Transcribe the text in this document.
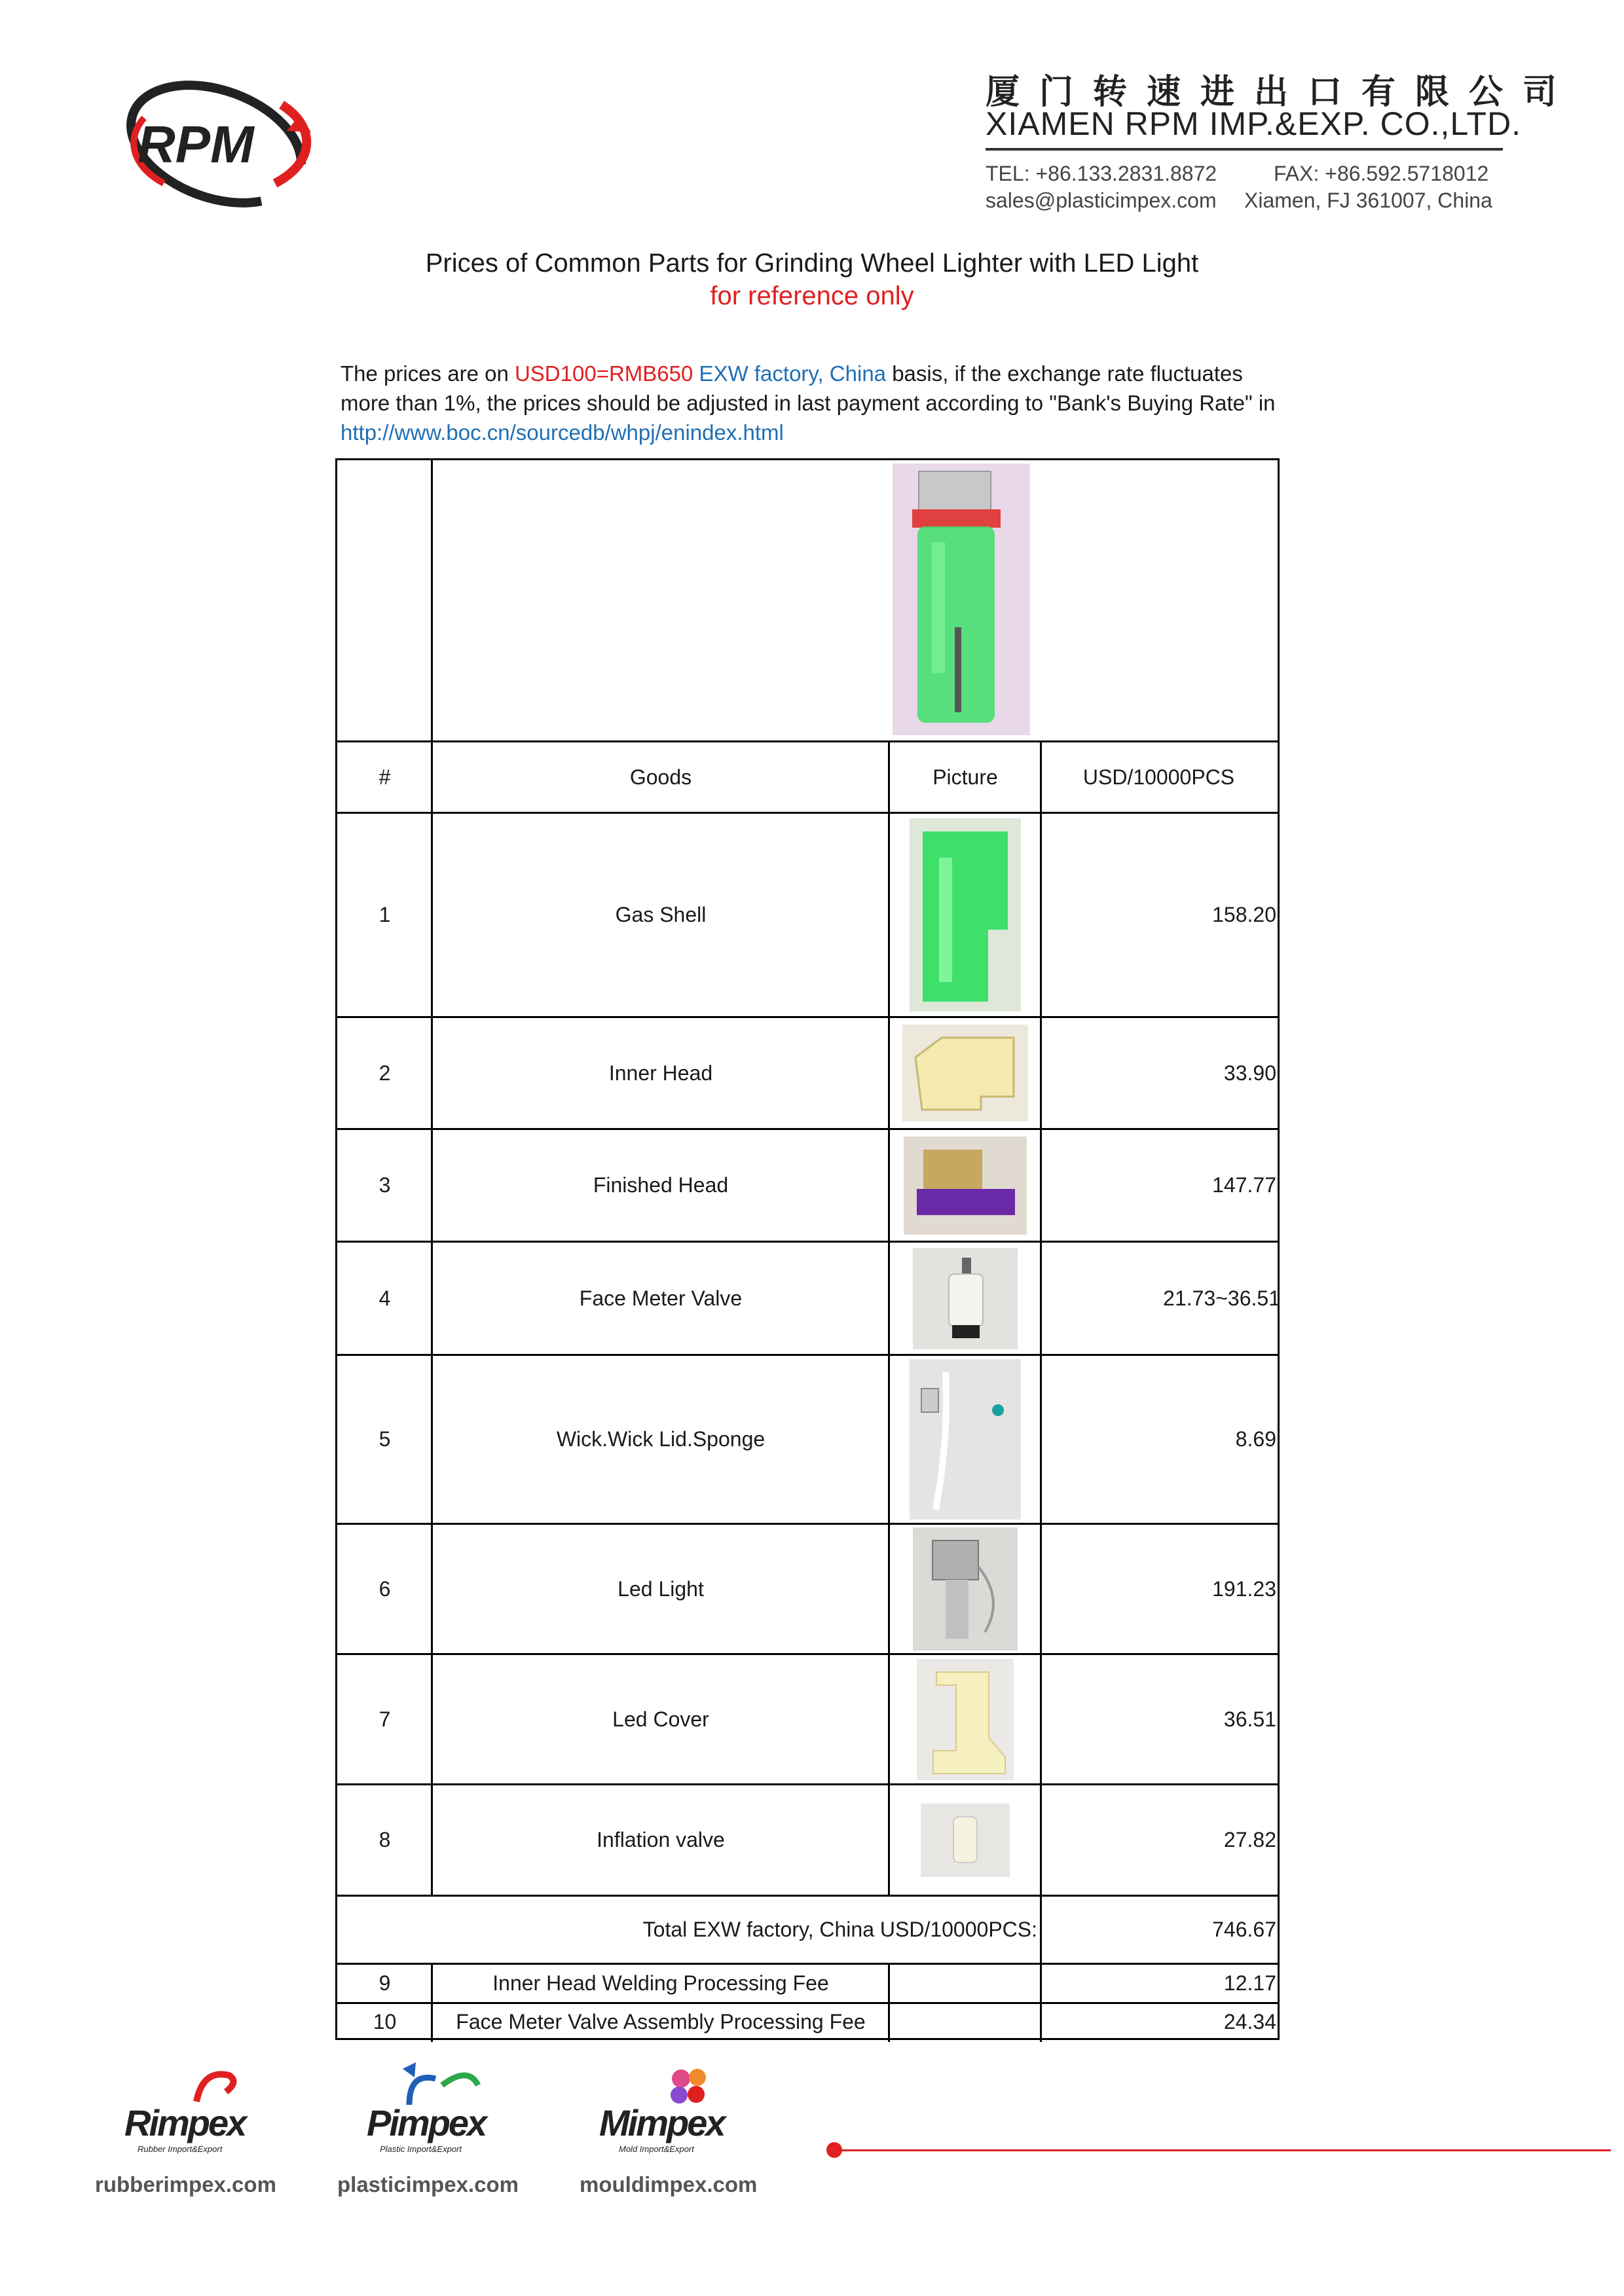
RPM
厦门转速进出口有限公司
XIAMEN RPM IMP.&EXP. CO.,LTD.
TEL: +86.133.2831.8872	FAX: +86.592.5718012
sales@plasticimpex.com Xiamen, FJ 361007, China
Prices of Common Parts for Grinding Wheel Lighter with LED Light
for reference only
The prices are on USD100=RMB650 EXW factory, China basis, if the exchange rate fluctuates more than 1%, the prices should be adjusted in last payment according to "Bank's Buying Rate" in http://www.boc.cn/sourcedb/whpj/enindex.html
#	Goods	Picture	USD/10000PCS
1	Gas Shell	158.20
2	Inner Head	33.90
3	Finished Head	147.77
4	Face Meter Valve	21.73~36.51
5	Wick.Wick Lid.Sponge	8.69
6	Led Light	191.23
7	Led Cover	36.51
8	Inflation valve	27.82
Total EXW factory, China USD/10000PCS:	746.67
9	Inner Head Welding Processing Fee	12.17
10	Face Meter Valve Assembly Processing Fee	24.34
Rimpex
Rubber Import&Export
rubberimpex.com
Pimpex
Plastic Import&Export
plasticimpex.com
Mimpex
Mold Import&Export
mouldimpex.com
